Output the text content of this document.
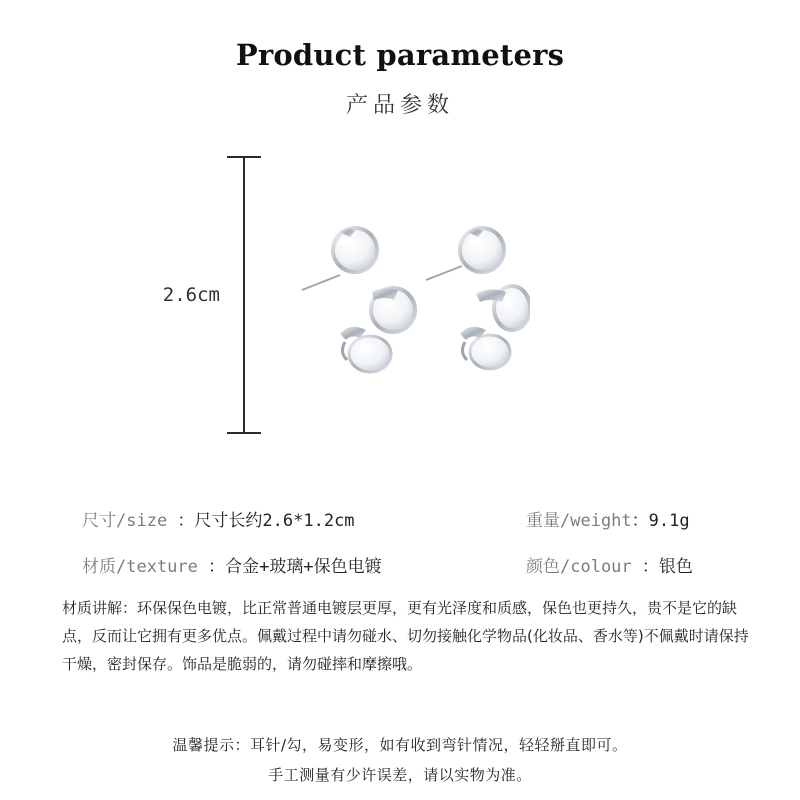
Product parameters
产品参数
2.6cm
尺寸/size ：尺寸长约2.6*1.2cm	重量/weight：9.1g
材质/texture ：合金+玻璃+保色电镀	颜色/colour ：银色
材质讲解：环保保色电镀，比正常普通电镀层更厚，更有光泽度和质感，保色也更持久，贵不是它的缺点，反而让它拥有更多优点。佩戴过程中请勿碰水、切勿接触化学物品(化妆品、香水等)不佩戴时请保持干燥，密封保存。饰品是脆弱的，请勿碰摔和摩擦哦。
温馨提示：耳针/勾，易变形，如有收到弯针情况，轻轻掰直即可。
手工测量有少许误差，请以实物为准。
